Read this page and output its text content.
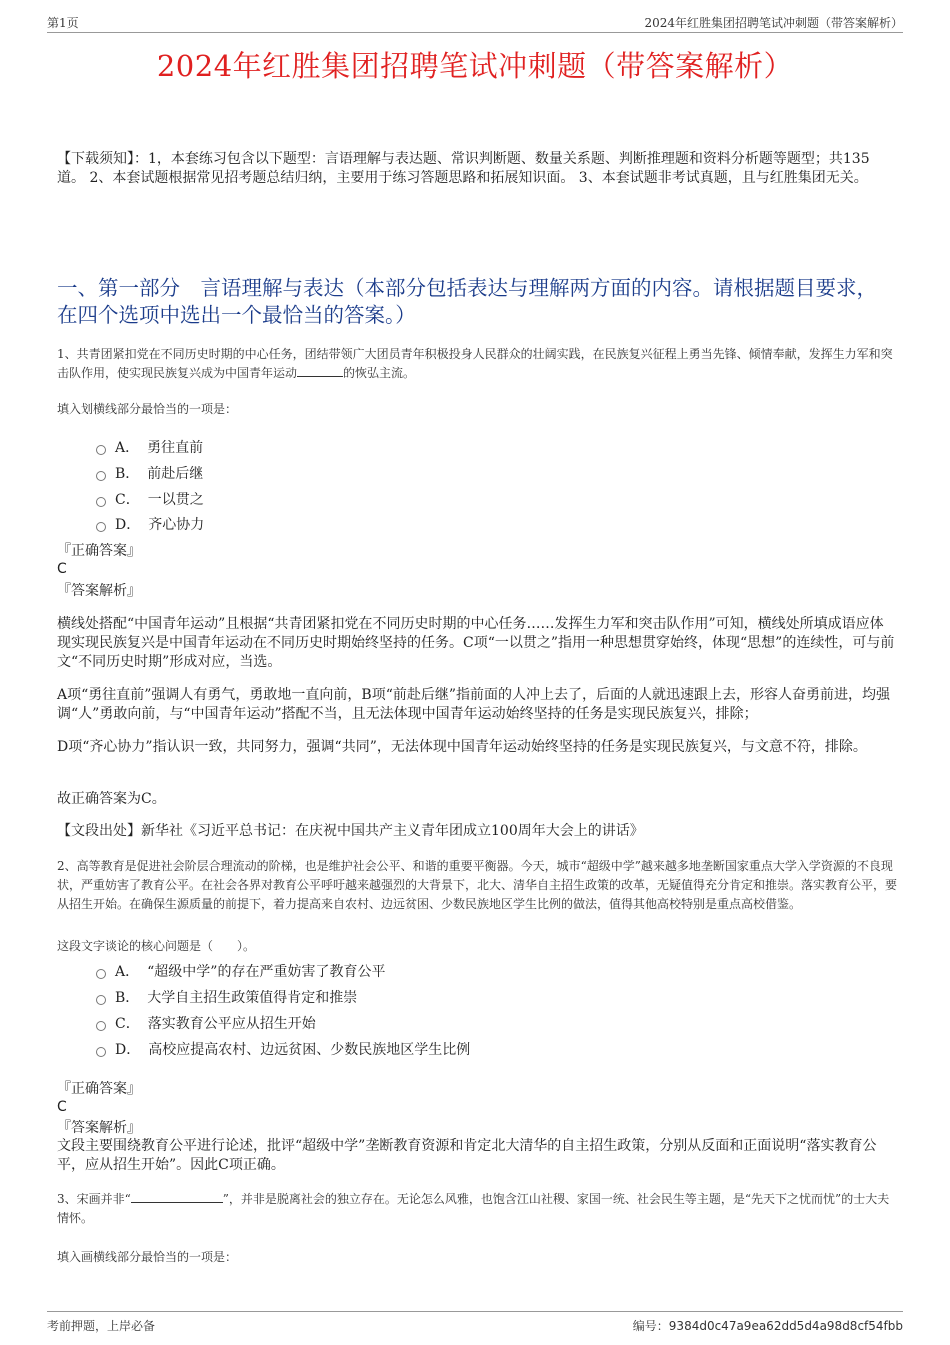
第1页	2024年红胜集团招聘笔试冲刺题（带答案解析）
2024年红胜集团招聘笔试冲刺题（带答案解析）
【下载须知】：1，本套练习包含以下题型：言语理解与表达题、常识判断题、数量关系题、判断推理题和资料分析题等题型；共135道。 2、本套试题根据常见招考题总结归纳，主要用于练习答题思路和拓展知识面。 3、本套试题非考试真题，且与红胜集团无关。
一、第一部分　言语理解与表达（本部分包括表达与理解两方面的内容。请根据题目要求，在四个选项中选出一个最恰当的答案。）
1、共青团紧扣党在不同历史时期的中心任务，团结带领广大团员青年积极投身人民群众的壮阔实践，在民族复兴征程上勇当先锋、倾情奉献，发挥生力军和突击队作用，使实现民族复兴成为中国青年运动	的恢弘主流。
填入划横线部分最恰当的一项是：
A． 勇往直前
B． 前赴后继
C． 一以贯之
D． 齐心协力
『正确答案』
C
『答案解析』
横线处搭配“中国青年运动”且根据“共青团紧扣党在不同历史时期的中心任务……发挥生力军和突击队作用”可知，横线处所填成语应体现实现民族复兴是中国青年运动在不同历史时期始终坚持的任务。C项“一以贯之”指用一种思想贯穿始终，体现“思想”的连续性，可与前文“不同历史时期”形成对应，当选。
A项“勇往直前”强调人有勇气，勇敢地一直向前，B项“前赴后继”指前面的人冲上去了，后面的人就迅速跟上去，形容人奋勇前进，均强调“人”勇敢向前，与“中国青年运动”搭配不当，且无法体现中国青年运动始终坚持的任务是实现民族复兴，排除；
D项“齐心协力”指认识一致，共同努力，强调“共同”，无法体现中国青年运动始终坚持的任务是实现民族复兴，与文意不符，排除。
故正确答案为C。
【文段出处】新华社《习近平总书记：在庆祝中国共产主义青年团成立100周年大会上的讲话》
2、高等教育是促进社会阶层合理流动的阶梯，也是维护社会公平、和谐的重要平衡器。今天，城市“超级中学”越来越多地垄断国家重点大学入学资源的不良现状，严重妨害了教育公平。在社会各界对教育公平呼吁越来越强烈的大背景下，北大、清华自主招生政策的改革，无疑值得充分肯定和推崇。落实教育公平，要从招生开始。在确保生源质量的前提下，着力提高来自农村、边远贫困、少数民族地区学生比例的做法，值得其他高校特别是重点高校借鉴。
这段文字谈论的核心问题是（　　）。
A． “超级中学”的存在严重妨害了教育公平
B． 大学自主招生政策值得肯定和推崇
C． 落实教育公平应从招生开始
D． 高校应提高农村、边远贫困、少数民族地区学生比例
『正确答案』
C
『答案解析』
文段主要围绕教育公平进行论述，批评“超级中学”垄断教育资源和肯定北大清华的自主招生政策，分别从反面和正面说明“落实教育公平，应从招生开始”。因此C项正确。
3、宋画并非“	”，并非是脱离社会的独立存在。无论怎么风雅，也饱含江山社稷、家国一统、社会民生等主题，是“先天下之忧而忧”的士大夫情怀。
填入画横线部分最恰当的一项是：
考前押题，上岸必备	编号：9384d0c47a9ea62dd5d4a98d8cf54fbb
